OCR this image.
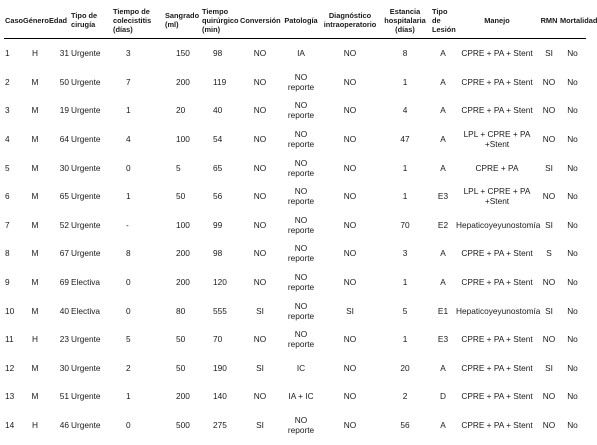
Caso	Género	Edad	Tipo de cirugía	Tiempo de colecistitis (días)	Sangrado (ml)	Tiempo quirúrgico (min)	Conversión	Patología	Diagnóstico intraoperatorio	Estancia hospitalaria (días)	Tipo de Lesión	Manejo	RMN	Mortalidad
1	H	31	Urgente	3	150	98	NO	IA	NO	8	A	CPRE + PA + Stent	SI	No
2	M	50	Urgente	7	200	119	NO	NO reporte	NO	1	A	CPRE + PA + Stent	NO	No
3	M	19	Urgente	1	20	40	NO	NO reporte	NO	4	A	CPRE + PA + Stent	NO	No
4	M	64	Urgente	4	100	54	NO	NO reporte	NO	47	A	LPL + CPRE + PA +Stent	NO	No
5	M	30	Urgente	0	5	65	NO	NO reporte	NO	1	A	CPRE + PA	SI	No
6	M	65	Urgente	1	50	56	NO	NO reporte	NO	1	E3	LPL + CPRE + PA +Stent	NO	No
7	M	52	Urgente	-	100	99	NO	NO reporte	NO	70	E2	Hepaticoyeyunostomía	SI	No
8	M	67	Urgente	8	200	98	NO	NO reporte	NO	3	A	CPRE + PA + Stent	S	No
9	M	69	Electiva	0	200	120	NO	NO reporte	NO	1	A	CPRE + PA + Stent	NO	No
10	M	40	Electiva	0	80	555	SI	NO reporte	SI	5	E1	Hepaticoyeyunostomía	SI	No
11	H	23	Urgente	5	50	70	NO	NO reporte	NO	1	E3	CPRE + PA + Stent	NO	No
12	M	30	Urgente	2	50	190	SI	IC	NO	20	A	CPRE + PA + Stent	SI	No
13	M	51	Urgente	1	200	140	NO	IA + IC	NO	2	D	CPRE + PA + Stent	NO	No
14	H	46	Urgente	0	500	275	SI	NO reporte	NO	56	A	CPRE + PA + Stent	NO	No
